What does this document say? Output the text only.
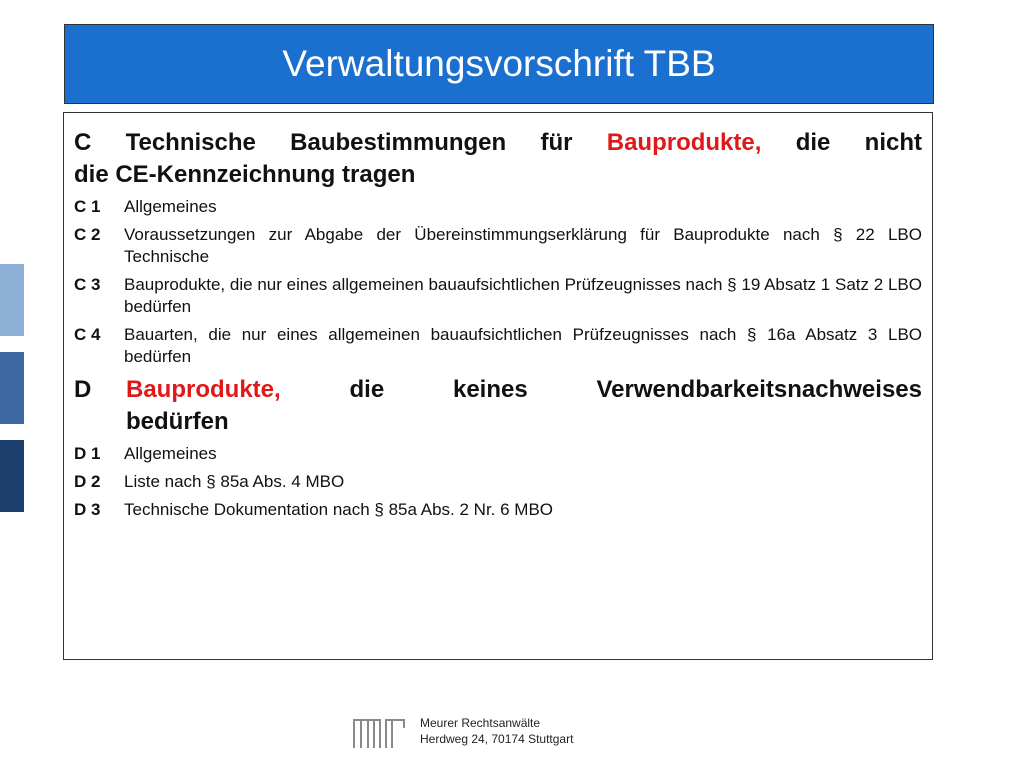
Verwaltungsvorschrift TBB
C Technische Baubestimmungen für Bauprodukte, die nicht
die CE-Kennzeichnung tragen
C 1	Allgemeines
C 2	Voraussetzungen zur Abgabe der Übereinstimmungserklärung für Bauprodukte nach § 22 LBO Technische
C 3	Bauprodukte, die nur eines allgemeinen bauaufsichtlichen Prüfzeugnisses nach § 19 Absatz 1 Satz 2 LBO bedürfen
C 4	Bauarten, die nur eines allgemeinen bauaufsichtlichen Prüfzeugnisses nach § 16a Absatz 3 LBO bedürfen
D	Bauprodukte,	die	keines	Verwendbarkeitsnachweises
bedürfen
D 1	Allgemeines
D 2	Liste nach § 85a Abs. 4 MBO
D 3	Technische Dokumentation nach § 85a Abs. 2 Nr. 6 MBO
Meurer Rechtsanwälte
Herdweg 24, 70174 Stuttgart
